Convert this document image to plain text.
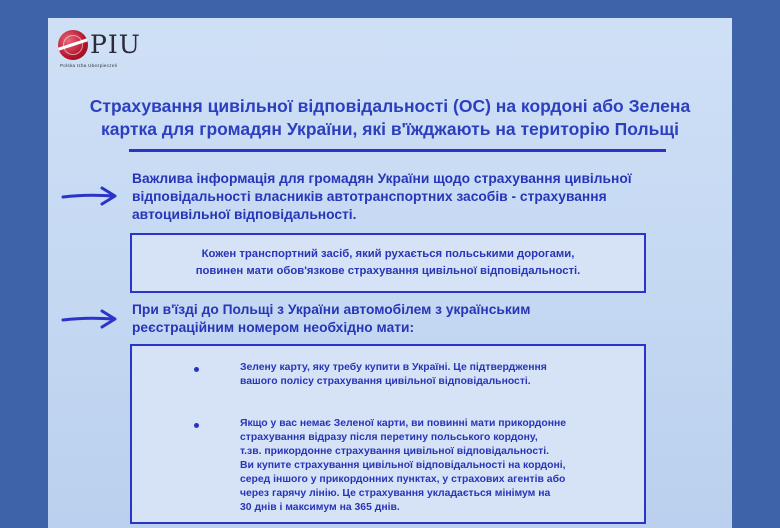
PIU
Polska Izba Ubezpieczeń
Страхування цивільної відповідальності (ОС) на кордоні або Зелена
картка для громадян України, які в'їжджають на територію Польщі
Важлива інформація для громадян України щодо страхування цивільної
відповідальності власників автотранспортних засобів - страхування
автоцивільної відповідальності.
Кожен транспортний засіб, який рухається польськими дорогами,
повинен мати обов'язкове страхування цивільної відповідальності.
При в'їзді до Польщі з України автомобілем з українським
реєстраційним номером необхідно мати:
Зелену карту, яку требу купити в Україні. Це підтвердження
вашого полісу страхування цивільної відповідальності.
Якщо у вас немає Зеленої карти, ви повинні мати прикордонне
страхування відразу після перетину польського кордону,
т.зв. прикордонне страхування цивільної відповідальності.
Ви купите страхування цивільної відповідальності на кордоні,
серед іншого у прикордонних пунктах, у страхових агентів або
через гарячу лінію. Це страхування укладається мінімум на
30 днів і максимум на 365 днів.
